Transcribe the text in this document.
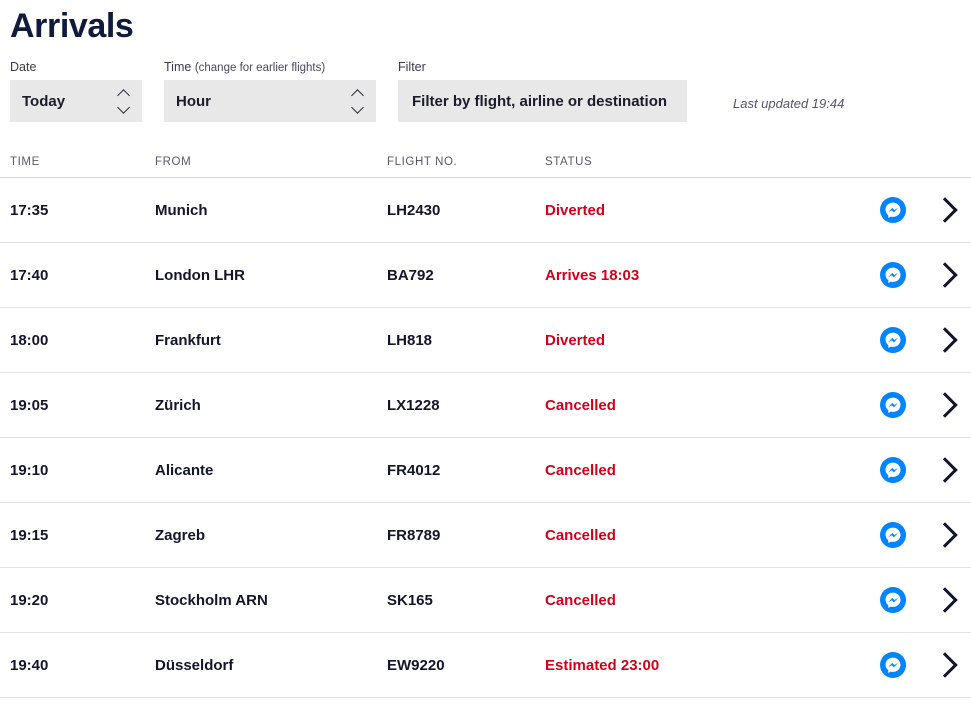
Arrivals
Date
Today
Time (change for earlier flights)
Hour
Filter
Filter by flight, airline or destination
Last updated 19:44
TIME	FROM	FLIGHT NO.	STATUS
17:35	Munich	LH2430	Diverted
17:40	London LHR	BA792	Arrives 18:03
18:00	Frankfurt	LH818	Diverted
19:05	Zürich	LX1228	Cancelled
19:10	Alicante	FR4012	Cancelled
19:15	Zagreb	FR8789	Cancelled
19:20	Stockholm ARN	SK165	Cancelled
19:40	Düsseldorf	EW9220	Estimated 23:00
